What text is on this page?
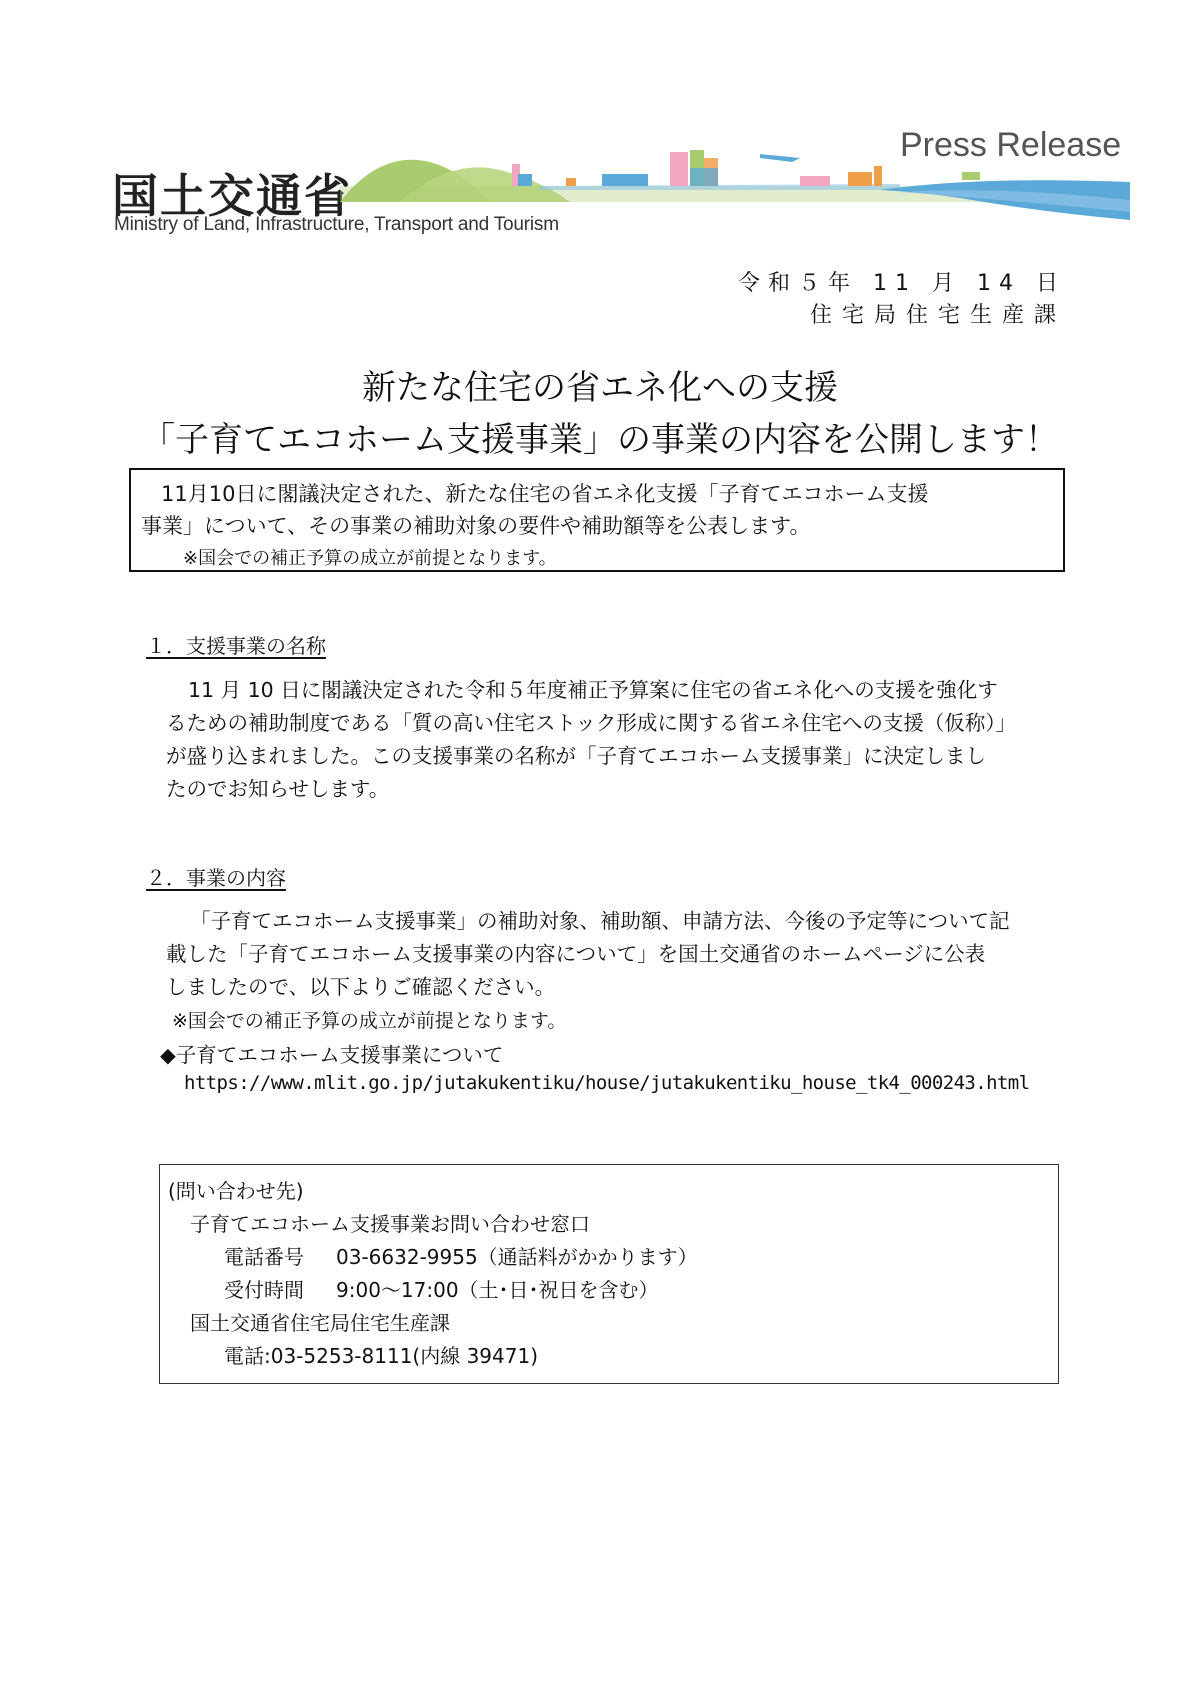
国土交通省
Ministry of Land, Infrastructure, Transport and Tourism
Press Release
令和５年 11 月 14 日
住宅局住宅生産課
新たな住宅の省エネ化への支援
「子育てエコホーム支援事業」の事業の内容を公開します！
11月10日に閣議決定された、新たな住宅の省エネ化支援「子育てエコホーム支援
事業」について、その事業の補助対象の要件や補助額等を公表します。
※国会での補正予算の成立が前提となります。
１．支援事業の名称
11 月 10 日に閣議決定された令和５年度補正予算案に住宅の省エネ化への支援を強化す
るための補助制度である「質の高い住宅ストック形成に関する省エネ住宅への支援（仮称）」
が盛り込まれました。この支援事業の名称が「子育てエコホーム支援事業」に決定しまし
たのでお知らせします。
２．事業の内容
「子育てエコホーム支援事業」の補助対象、補助額、申請方法、今後の予定等について記
載した「子育てエコホーム支援事業の内容について」を国土交通省のホームページに公表
しましたので、以下よりご確認ください。
※国会での補正予算の成立が前提となります。
◆子育てエコホーム支援事業について
https://www.mlit.go.jp/jutakukentiku/house/jutakukentiku_house_tk4_000243.html
(問い合わせ先)
子育てエコホーム支援事業お問い合わせ窓口
電話番号 03-6632-9955（通話料がかかります）
受付時間 9:00～17:00（土･日･祝日を含む）
国土交通省住宅局住宅生産課
電話:03-5253-8111(内線 39471)
